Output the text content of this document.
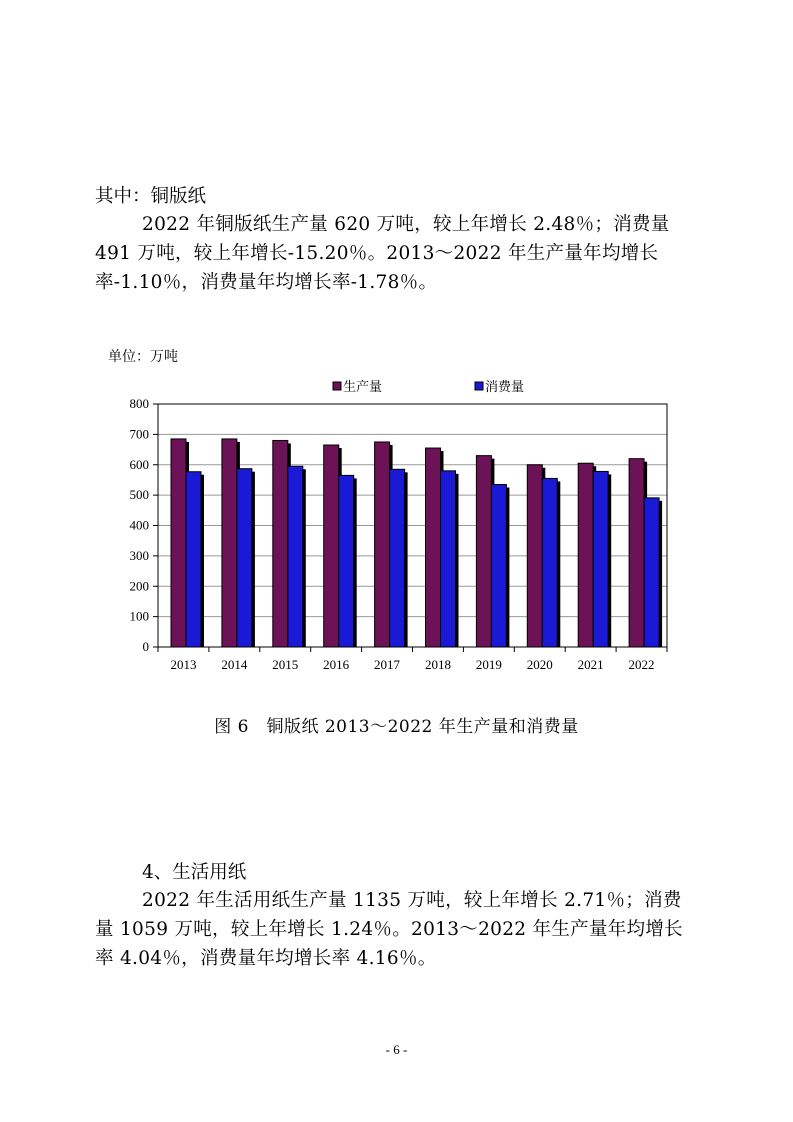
其中：铜版纸
2022 年铜版纸生产量 620 万吨，较上年增长 2.48％；消费量 491 万吨，较上年增长-15.20％。2013～2022 年生产量年均增长率-1.10％，消费量年均增长率-1.78％。
单位：万吨
0
100
200
300
400
500
600
700
800
2013 2014 2015 2016 2017 2018 2019 2020 2021 2022
生产量	消费量
图 6　铜版纸 2013～2022 年生产量和消费量
4、生活用纸
2022 年生活用纸生产量 1135 万吨，较上年增长 2.71％；消费量 1059 万吨，较上年增长 1.24％。2013～2022 年生产量年均增长率 4.04％，消费量年均增长率 4.16％。
- 6 -
